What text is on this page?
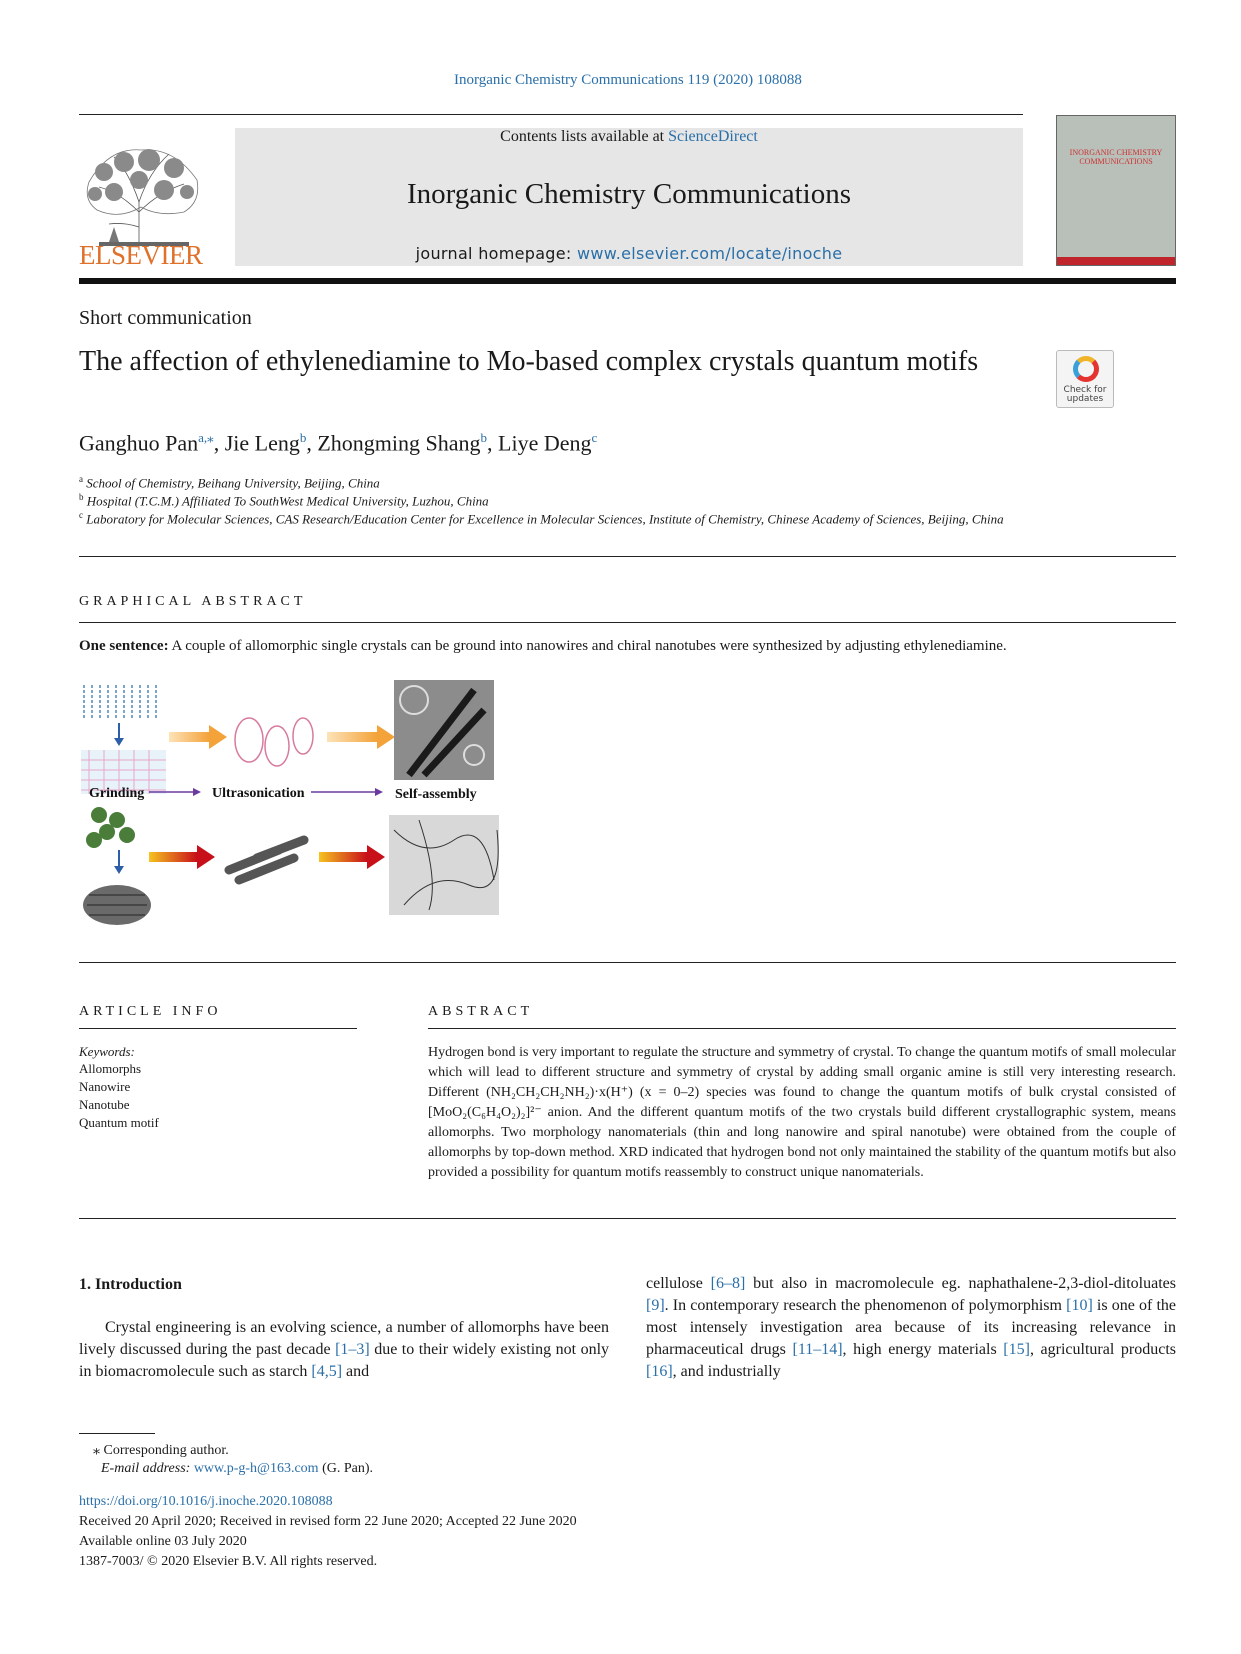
Inorganic Chemistry Communications 119 (2020) 108088
ELSEVIER
Contents lists available at ScienceDirect
Inorganic Chemistry Communications
journal homepage: www.elsevier.com/locate/inoche
INORGANIC CHEMISTRY COMMUNICATIONS
Short communication
The affection of ethylenediamine to Mo-based complex crystals quantum motifs
Check for updates
Ganghuo Pan$^{a,⁎}$, Jie Leng$^b$, Zhongming Shang$^b$, Liye Deng$^c$
$^a$ School of Chemistry, Beihang University, Beijing, China
$^b$ Hospital (T.C.M.) Affiliated To SouthWest Medical University, Luzhou, China
$^c$ Laboratory for Molecular Sciences, CAS Research/Education Center for Excellence in Molecular Sciences, Institute of Chemistry, Chinese Academy of Sciences, Beijing, China
GRAPHICAL ABSTRACT
One sentence: A couple of allomorphic single crystals can be ground into nanowires and chiral nanotubes were synthesized by adjusting ethylenediamine.
Grinding	Ultrasonication	Self-assembly
ARTICLE INFO	ABSTRACT
Keywords:
Allomorphs
Nanowire
Nanotube
Quantum motif
Hydrogen bond is very important to regulate the structure and symmetry of crystal. To change the quantum motifs of small molecular which will lead to different structure and symmetry of crystal by adding small organic amine is still very interesting research. Different (NH₂CH₂CH₂NH₂)·x(H⁺) (x = 0–2) species was found to change the quantum motifs of bulk crystal consisted of [MoO₂(C₆H₄O₂)₂]²⁻ anion. And the different quantum motifs of the two crystals build different crystallographic system, means allomorphs. Two morphology nanomaterials (thin and long nanowire and spiral nanotube) were obtained from the couple of allomorphs by top-down method. XRD indicated that hydrogen bond not only maintained the stability of the quantum motifs but also provided a possibility for quantum motifs reassembly to construct unique nanomaterials.
1. Introduction
Crystal engineering is an evolving science, a number of allomorphs have been lively discussed during the past decade [1–3] due to their widely existing not only in biomacromolecule such as starch [4,5] and
cellulose [6–8] but also in macromolecule eg. naphathalene-2,3-diol-ditoluates [9]. In contemporary research the phenomenon of polymorphism [10] is one of the most intensely investigation area because of its increasing relevance in pharmaceutical drugs [11–14], high energy materials [15], agricultural products [16], and industrially
⁎ Corresponding author.
E-mail address: www.p-g-h@163.com (G. Pan).
https://doi.org/10.1016/j.inoche.2020.108088
Received 20 April 2020; Received in revised form 22 June 2020; Accepted 22 June 2020
Available online 03 July 2020
1387-7003/ © 2020 Elsevier B.V. All rights reserved.
